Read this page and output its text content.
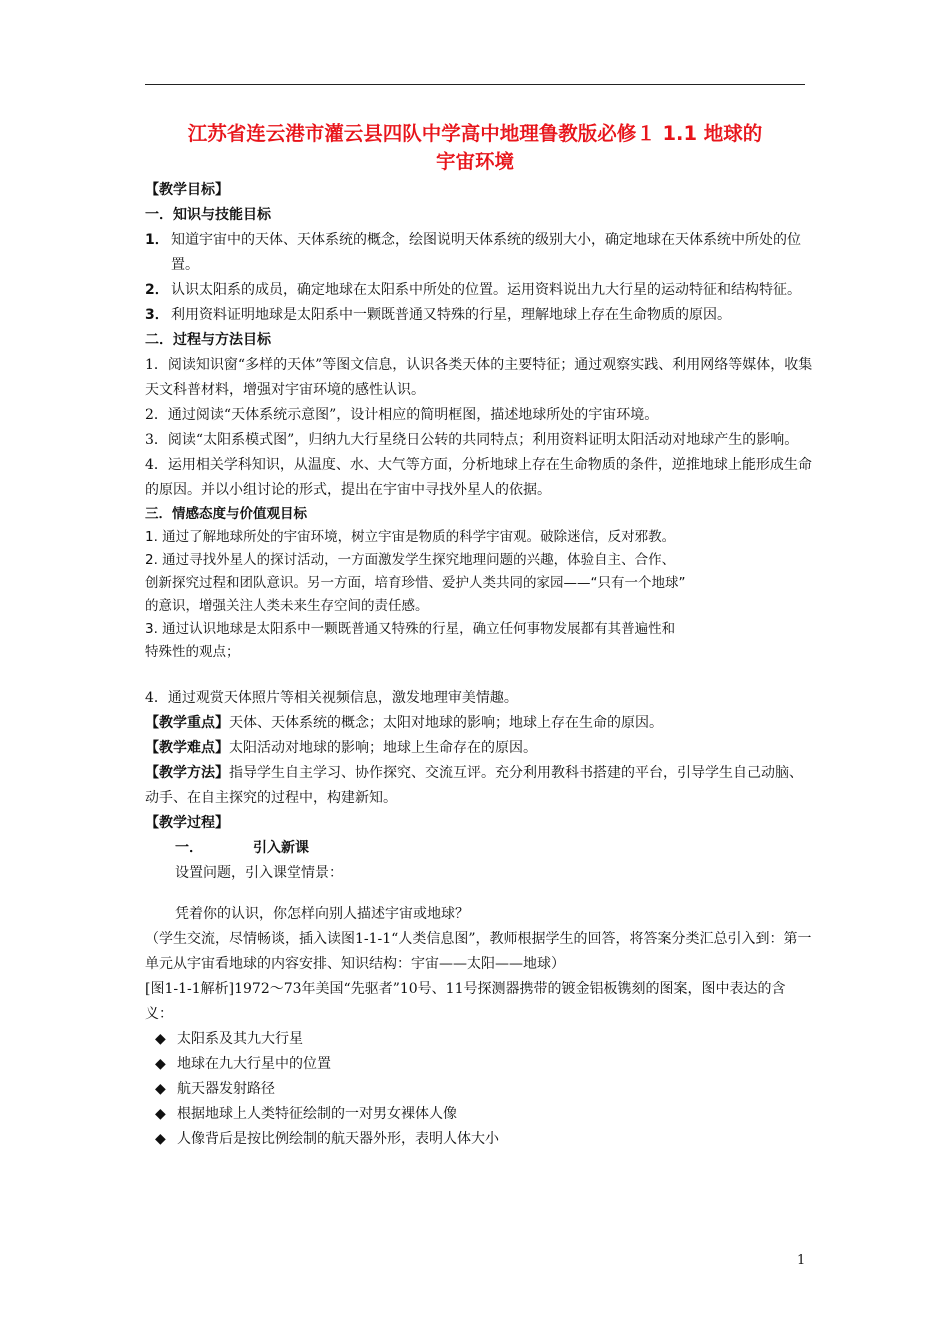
江苏省连云港市灌云县四队中学高中地理鲁教版必修１ 1.1 地球的
宇宙环境

【教学目标】

一．知识与技能目标

1． 知道宇宙中的天体、天体系统的概念，绘图说明天体系统的级别大小，确定地球在天体系统中所处的位置。
2． 认识太阳系的成员，确定地球在太阳系中所处的位置。运用资料说出九大行星的运动特征和结构特征。
3． 利用资料证明地球是太阳系中一颗既普通又特殊的行星，理解地球上存在生命物质的原因。

二．过程与方法目标

1．阅读知识窗“多样的天体”等图文信息，认识各类天体的主要特征；通过观察实践、利用网络等媒体，收集天文科普材料，增强对宇宙环境的感性认识。

2．通过阅读“天体系统示意图”，设计相应的简明框图，描述地球所处的宇宙环境。

3．阅读“太阳系模式图”，归纳九大行星绕日公转的共同特点；利用资料证明太阳活动对地球产生的影响。

4．运用相关学科知识，从温度、水、大气等方面，分析地球上存在生命物质的条件，逆推地球上能形成生命的原因。并以小组讨论的形式，提出在宇宙中寻找外星人的依据。

三．情感态度与价值观目标

1. 通过了解地球所处的宇宙环境，树立宇宙是物质的科学宇宙观。破除迷信，反对邪教。

2. 通过寻找外星人的探讨活动，一方面激发学生探究地理问题的兴趣，体验自主、合作、

创新探究过程和团队意识。另一方面，培育珍惜、爱护人类共同的家园——“只有一个地球”

的意识，增强关注人类未来生存空间的责任感。

3. 通过认识地球是太阳系中一颗既普通又特殊的行星，确立任何事物发展都有其普遍性和

特殊性的观点；

4．通过观赏天体照片等相关视频信息，激发地理审美情趣。

【教学重点】天体、天体系统的概念；太阳对地球的影响；地球上存在生命的原因。

【教学难点】太阳活动对地球的影响；地球上生命存在的原因。

【教学方法】指导学生自主学习、协作探究、交流互评。充分利用教科书搭建的平台，引导学生自己动脑、动手、在自主探究的过程中，构建新知。

【教学过程】

一．	引入新课

设置问题，引入课堂情景：

凭着你的认识，你怎样向别人描述宇宙或地球？

（学生交流，尽情畅谈，插入读图1-1-1“人类信息图”，教师根据学生的回答，将答案分类汇总引入到：第一单元从宇宙看地球的内容安排、知识结构：宇宙——太阳——地球）

[图1-1-1解析]1972～73年美国“先驱者”10号、11号探测器携带的镀金铝板镌刻的图案，图中表达的含义：

◆ 太阳系及其九大行星
◆ 地球在九大行星中的位置
◆ 航天器发射路径
◆ 根据地球上人类特征绘制的一对男女裸体人像
◆ 人像背后是按比例绘制的航天器外形，表明人体大小
1
